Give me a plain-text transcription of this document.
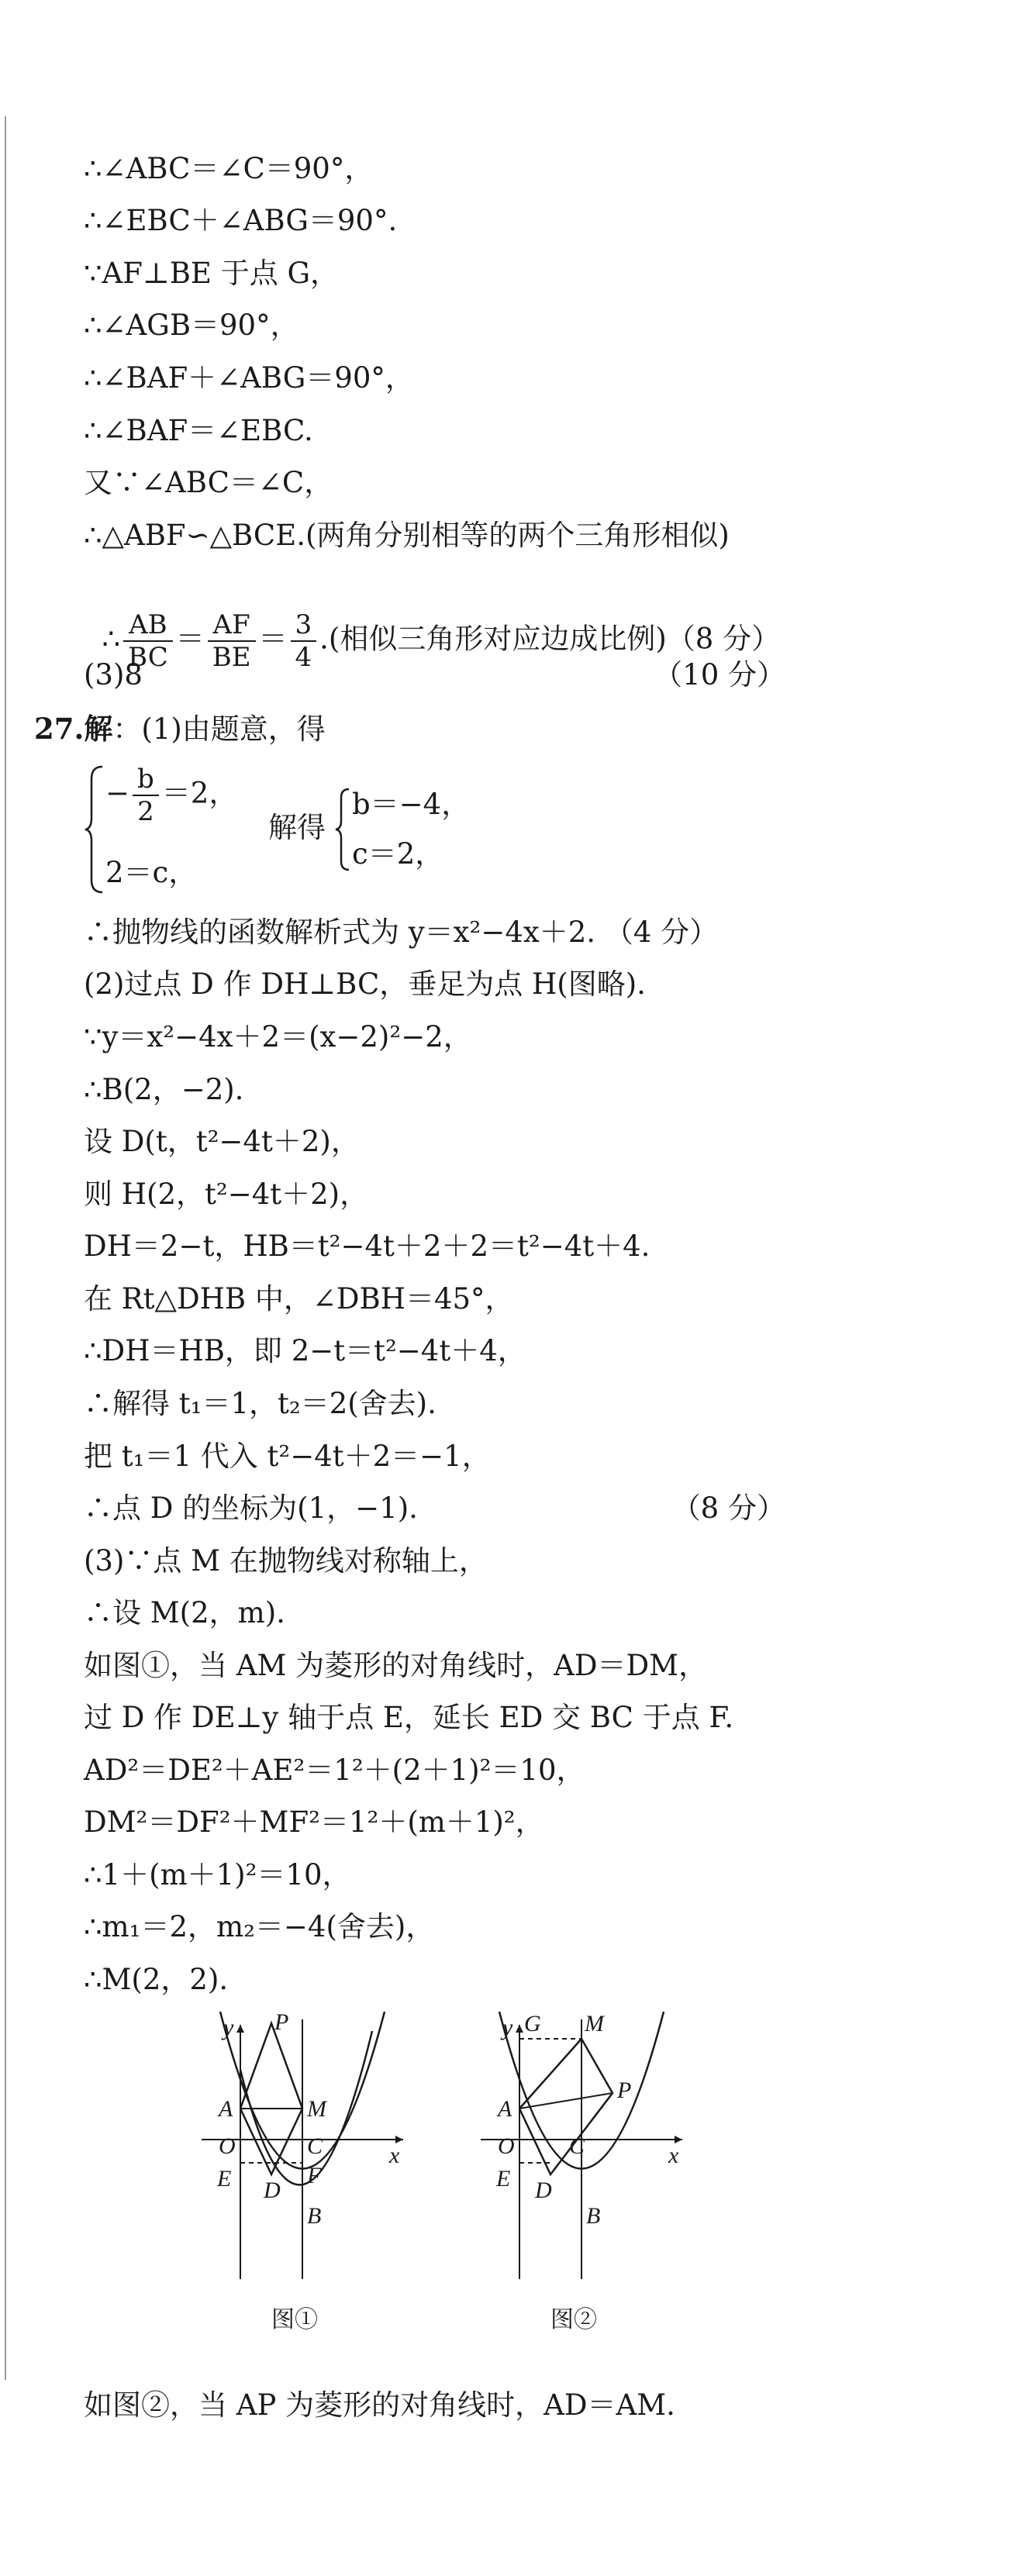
∴∠ABC＝∠C＝90°，
∴∠EBC＋∠ABG＝90°.
∵AF⊥BE 于点 G，
∴∠AGB＝90°，
∴∠BAF＋∠ABG＝90°，
∴∠BAF＝∠EBC.
又∵∠ABC＝∠C，
∴△ABF∽△BCE.(两角分别相等的两个三角形相似)

∴ $\frac{AB}{BC} = \frac{AF}{BE} = \frac{3}{4}$ .(相似三角形对应边成比例)（8 分）

(3)8	（10 分）
27.解：(1)由题意，得
− $\frac{b}{2} =2$，
2＝c，
解得
b＝−4，
c＝2，
∴抛物线的函数解析式为 y＝x²−4x＋2. （4 分）
(2)过点 D 作 DH⊥BC，垂足为点 H(图略).
∵y＝x²−4x＋2＝(x−2)²−2，
∴B(2，−2).
设 D(t，t²−4t＋2)，
则 H(2，t²−4t＋2)，
DH＝2−t，HB＝t²−4t＋2＋2＝t²−4t＋4.
在 Rt△DHB 中，∠DBH＝45°，
∴DH＝HB，即 2−t＝t²−4t＋4，
∴解得 t₁＝1，t₂＝2(舍去).
把 t₁＝1 代入 t²−4t＋2＝−1，
∴点 D 的坐标为(1，−1).	（8 分）
(3)∵点 M 在抛物线对称轴上，
∴设 M(2，m).
如图①，当 AM 为菱形的对角线时，AD＝DM，
过 D 作 DE⊥y 轴于点 E，延长 ED 交 BC 于点 F.
AD²＝DE²＋AE²＝1²＋(2＋1)²＝10，
DM²＝DF²＋MF²＝1²＋(m＋1)²，
∴1＋(m＋1)²＝10，
∴m₁＝2，m₂＝−4(舍去)，
∴M(2，2).
y P
A	M
O	C	x
E	F
D
B
图①
y G M
A
P
O C	x
E D
B
图②
如图②，当 AP 为菱形的对角线时，AD＝AM.
